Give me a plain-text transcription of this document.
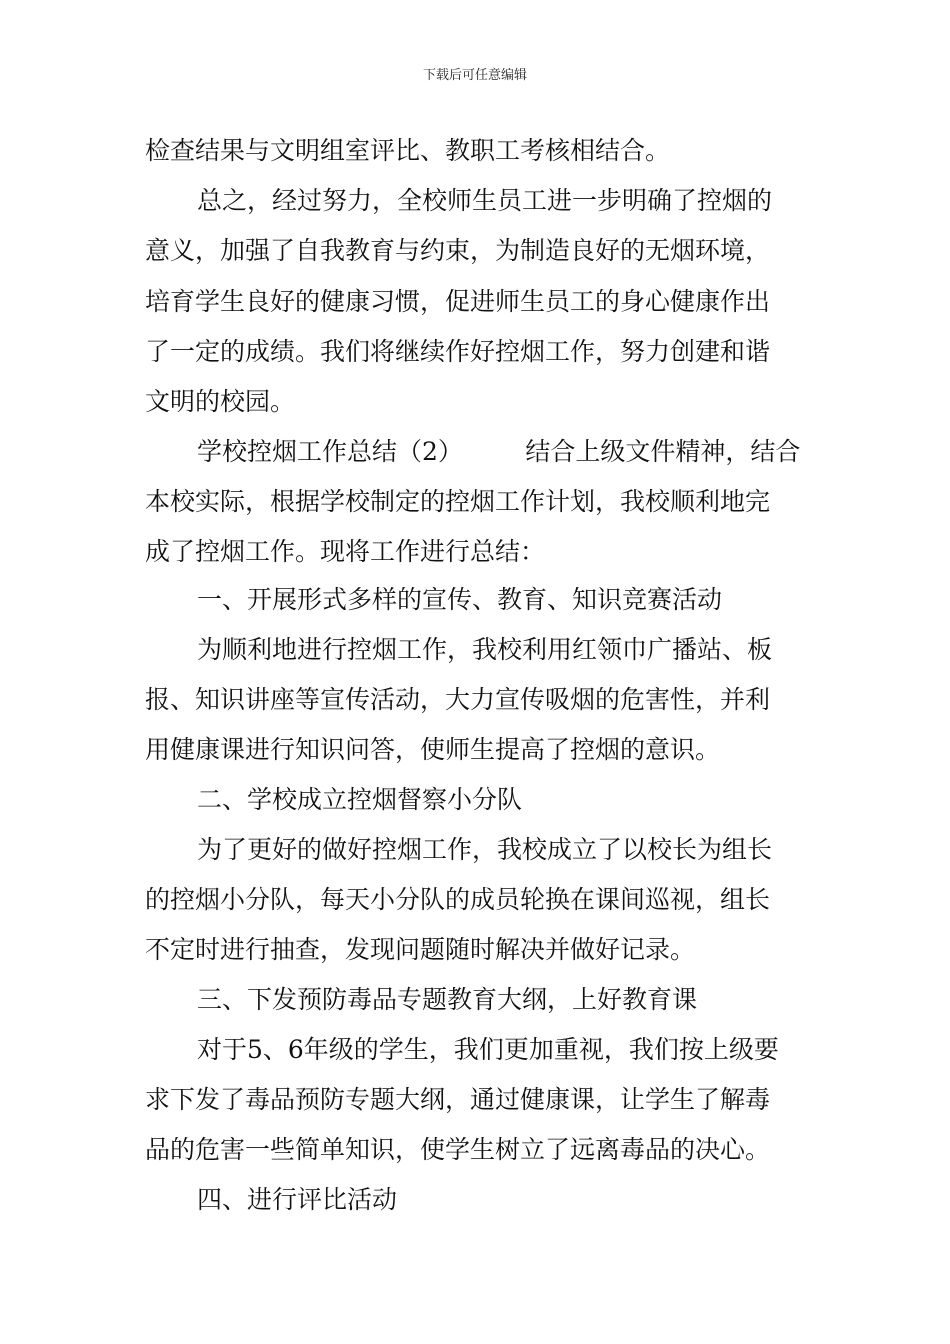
下载后可任意编辑
检查结果与文明组室评比、教职工考核相结合。
总之，经过努力，全校师生员工进一步明确了控烟的
意义，加强了自我教育与约束，为制造良好的无烟环境，
培育学生良好的健康习惯，促进师生员工的身心健康作出
了一定的成绩。我们将继续作好控烟工作，努力创建和谐
文明的校园。
学校控烟工作总结（2）　　　结合上级文件精神，结合
本校实际，根据学校制定的控烟工作计划，我校顺利地完
成了控烟工作。现将工作进行总结：
一、开展形式多样的宣传、教育、知识竞赛活动
为顺利地进行控烟工作，我校利用红领巾广播站、板
报、知识讲座等宣传活动，大力宣传吸烟的危害性，并利
用健康课进行知识问答，使师生提高了控烟的意识。
二、学校成立控烟督察小分队
为了更好的做好控烟工作，我校成立了以校长为组长
的控烟小分队，每天小分队的成员轮换在课间巡视，组长
不定时进行抽查，发现问题随时解决并做好记录。
三、下发预防毒品专题教育大纲，上好教育课
对于5、6年级的学生，我们更加重视，我们按上级要
求下发了毒品预防专题大纲，通过健康课，让学生了解毒
品的危害一些简单知识，使学生树立了远离毒品的决心。
四、进行评比活动
